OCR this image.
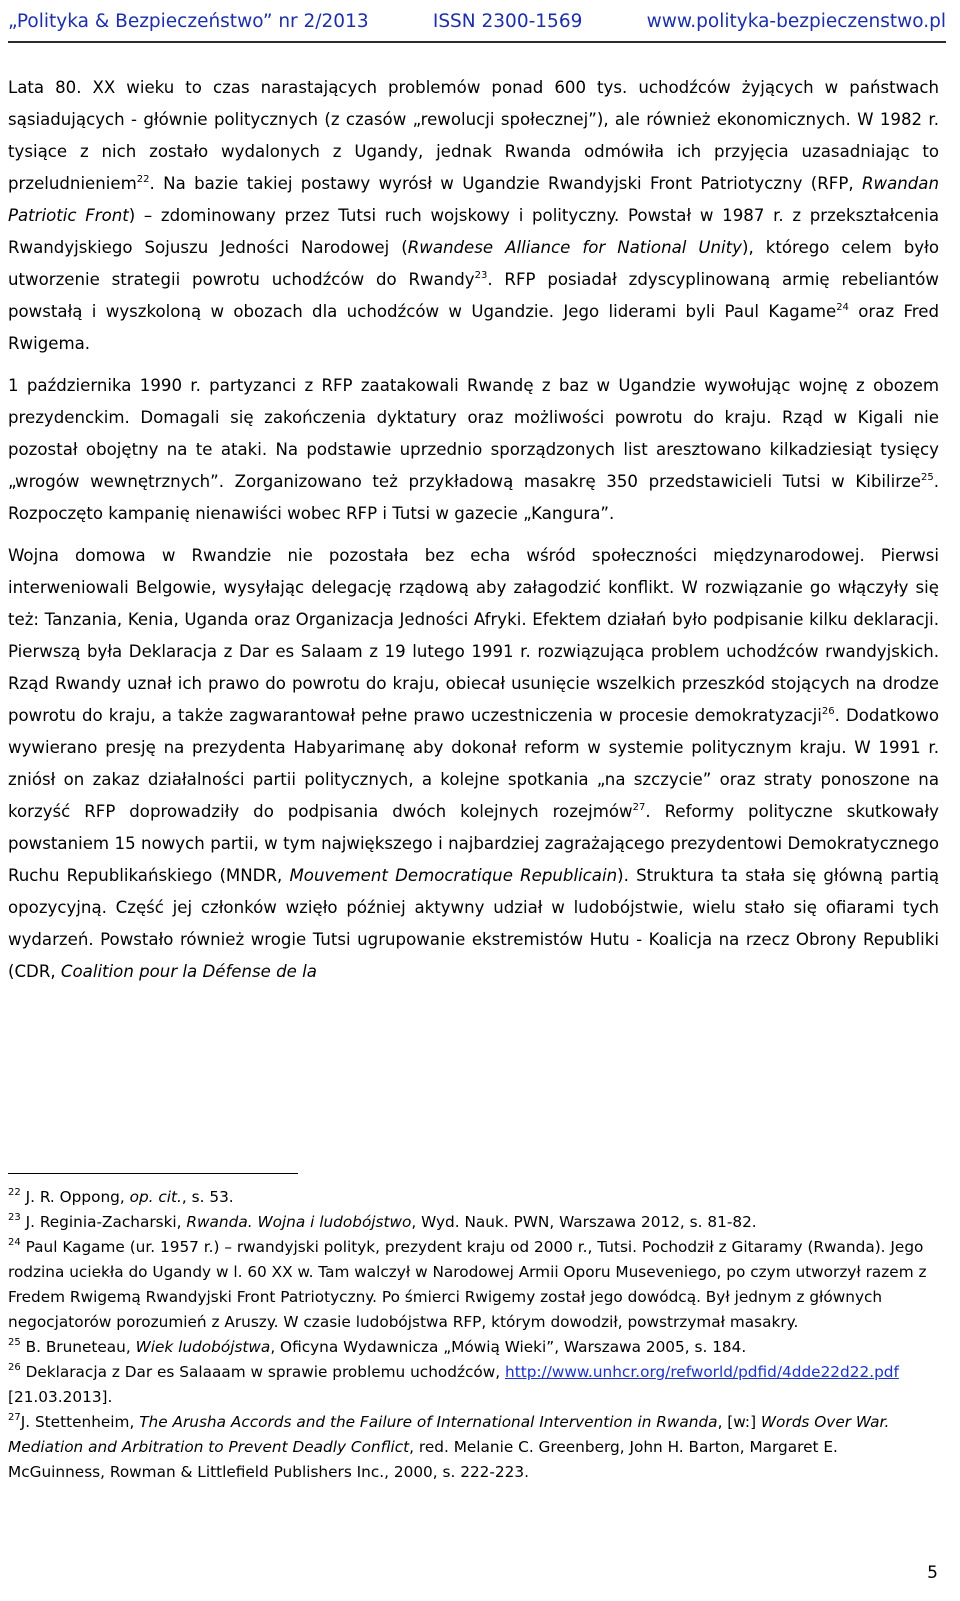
„Polityka & Bezpieczeństwo” nr 2/2013	ISSN 2300-1569	www.polityka-bezpieczenstwo.pl

Lata 80. XX wieku to czas narastających problemów ponad 600 tys. uchodźców żyjących w państwach sąsiadujących - głównie politycznych (z czasów „rewolucji społecznej”), ale również ekonomicznych. W 1982 r. tysiące z nich zostało wydalonych z Ugandy, jednak Rwanda odmówiła ich przyjęcia uzasadniając to przeludnieniem$^{22}$. Na bazie takiej postawy wyrósł w Ugandzie Rwandyjski Front Patriotyczny (RFP, Rwandan Patriotic Front) – zdominowany przez Tutsi ruch wojskowy i polityczny. Powstał w 1987 r. z przekształcenia Rwandyjskiego Sojuszu Jedności Narodowej (Rwandese Alliance for National Unity), którego celem było utworzenie strategii powrotu uchodźców do Rwandy$^{23}$. RFP posiadał zdyscyplinowaną armię rebeliantów powstałą i wyszkoloną w obozach dla uchodźców w Ugandzie. Jego liderami byli Paul Kagame$^{24}$ oraz Fred Rwigema.

1 października 1990 r. partyzanci z RFP zaatakowali Rwandę z baz w Ugandzie wywołując wojnę z obozem prezydenckim. Domagali się zakończenia dyktatury oraz możliwości powrotu do kraju. Rząd w Kigali nie pozostał obojętny na te ataki. Na podstawie uprzednio sporządzonych list aresztowano kilkadziesiąt tysięcy „wrogów wewnętrznych”. Zorganizowano też przykładową masakrę 350 przedstawicieli Tutsi w Kibilirze$^{25}$. Rozpoczęto kampanię nienawiści wobec RFP i Tutsi w gazecie „Kangura”.

Wojna domowa w Rwandzie nie pozostała bez echa wśród społeczności międzynarodowej. Pierwsi interweniowali Belgowie, wysyłając delegację rządową aby załagodzić konflikt. W rozwiązanie go włączyły się też: Tanzania, Kenia, Uganda oraz Organizacja Jedności Afryki. Efektem działań było podpisanie kilku deklaracji. Pierwszą była Deklaracja z Dar es Salaam z 19 lutego 1991 r. rozwiązująca problem uchodźców rwandyjskich. Rząd Rwandy uznał ich prawo do powrotu do kraju, obiecał usunięcie wszelkich przeszkód stojących na drodze powrotu do kraju, a także zagwarantował pełne prawo uczestniczenia w procesie demokratyzacji$^{26}$. Dodatkowo wywierano presję na prezydenta Habyarimanę aby dokonał reform w systemie politycznym kraju. W 1991 r. zniósł on zakaz działalności partii politycznych, a kolejne spotkania „na szczycie” oraz straty ponoszone na korzyść RFP doprowadziły do podpisania dwóch kolejnych rozejmów$^{27}$. Reformy polityczne skutkowały powstaniem 15 nowych partii, w tym największego i najbardziej zagrażającego prezydentowi Demokratycznego Ruchu Republikańskiego (MNDR, Mouvement Democratique Republicain). Struktura ta stała się główną partią opozycyjną. Część jej członków wzięło później aktywny udział w ludobójstwie, wielu stało się ofiarami tych wydarzeń. Powstało również wrogie Tutsi ugrupowanie ekstremistów Hutu - Koalicja na rzecz Obrony Republiki (CDR, Coalition pour la Défense de la

$^{22}$ J. R. Oppong, op. cit., s. 53.
$^{23}$ J. Reginia-Zacharski, Rwanda. Wojna i ludobójstwo, Wyd. Nauk. PWN, Warszawa 2012, s. 81-82.
$^{24}$ Paul Kagame (ur. 1957 r.) – rwandyjski polityk, prezydent kraju od 2000 r., Tutsi. Pochodził z Gitaramy (Rwanda). Jego rodzina uciekła do Ugandy w l. 60 XX w. Tam walczył w Narodowej Armii Oporu Museveniego, po czym utworzył razem z Fredem Rwigemą Rwandyjski Front Patriotyczny. Po śmierci Rwigemy został jego dowódcą. Był jednym z głównych negocjatorów porozumień z Aruszy. W czasie ludobójstwa RFP, którym dowodził, powstrzymał masakry.
$^{25}$ B. Bruneteau, Wiek ludobójstwa, Oficyna Wydawnicza „Mówią Wieki”, Warszawa 2005, s. 184.
$^{26}$ Deklaracja z Dar es Salaaam w sprawie problemu uchodźców, http://www.unhcr.org/refworld/pdfid/4dde22d22.pdf [21.03.2013].
$^{27}$J. Stettenheim, The Arusha Accords and the Failure of International Intervention in Rwanda, [w:] Words Over War. Mediation and Arbitration to Prevent Deadly Conflict, red. Melanie C. Greenberg, John H. Barton, Margaret E. McGuinness, Rowman & Littlefield Publishers Inc., 2000, s. 222-223.
5
